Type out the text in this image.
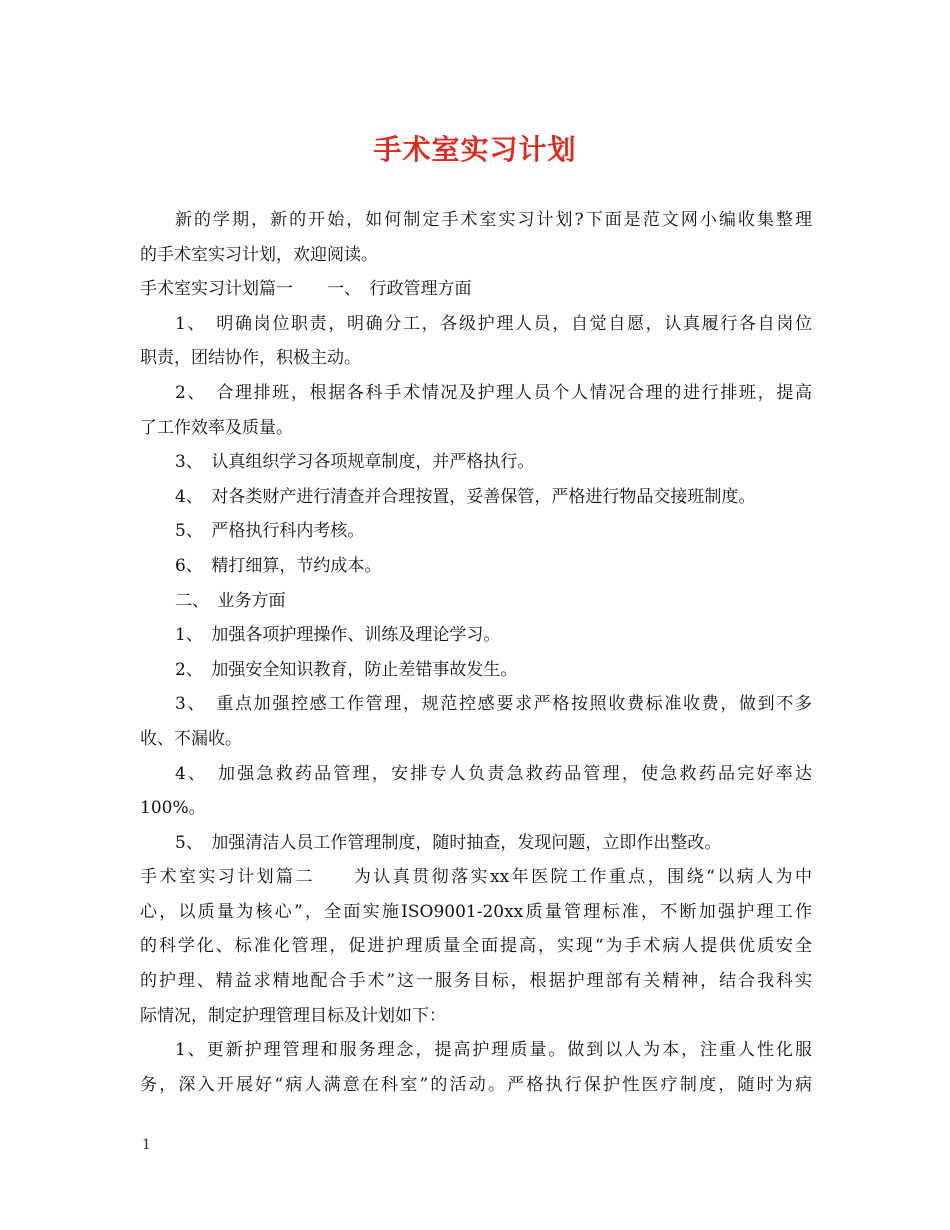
手术室实习计划
新的学期，新的开始，如何制定手术室实习计划?下面是范文网小编收集整理
的手术室实习计划，欢迎阅读。
手术室实习计划篇一　　一、　行政管理方面
1、　明确岗位职责，明确分工，各级护理人员，自觉自愿，认真履行各自岗位
职责，团结协作，积极主动。
2、　合理排班，根据各科手术情况及护理人员个人情况合理的进行排班，提高
了工作效率及质量。
3、　认真组织学习各项规章制度，并严格执行。
4、　对各类财产进行清查并合理按置，妥善保管，严格进行物品交接班制度。
5、　严格执行科内考核。
6、　精打细算，节约成本。
二、　业务方面
1、　加强各项护理操作、训练及理论学习。
2、　加强安全知识教育，防止差错事故发生。
3、　重点加强控感工作管理，规范控感要求严格按照收费标准收费，做到不多
收、不漏收。
4、　加强急救药品管理，安排专人负责急救药品管理，使急救药品完好率达
100%。
5、　加强清洁人员工作管理制度，随时抽查，发现问题，立即作出整改。
手术室实习计划篇二　　为认真贯彻落实xx年医院工作重点，围绕“以病人为中
心，以质量为核心”，全面实施ISO9001-20xx质量管理标准，不断加强护理工作
的科学化、标准化管理，促进护理质量全面提高，实现“为手术病人提供优质安全
的护理、精益求精地配合手术”这一服务目标，根据护理部有关精神，结合我科实
际情况，制定护理管理目标及计划如下：
1、更新护理管理和服务理念，提高护理质量。做到以人为本，注重人性化服
务，深入开展好“病人满意在科室”的活动。严格执行保护性医疗制度，随时为病
1
